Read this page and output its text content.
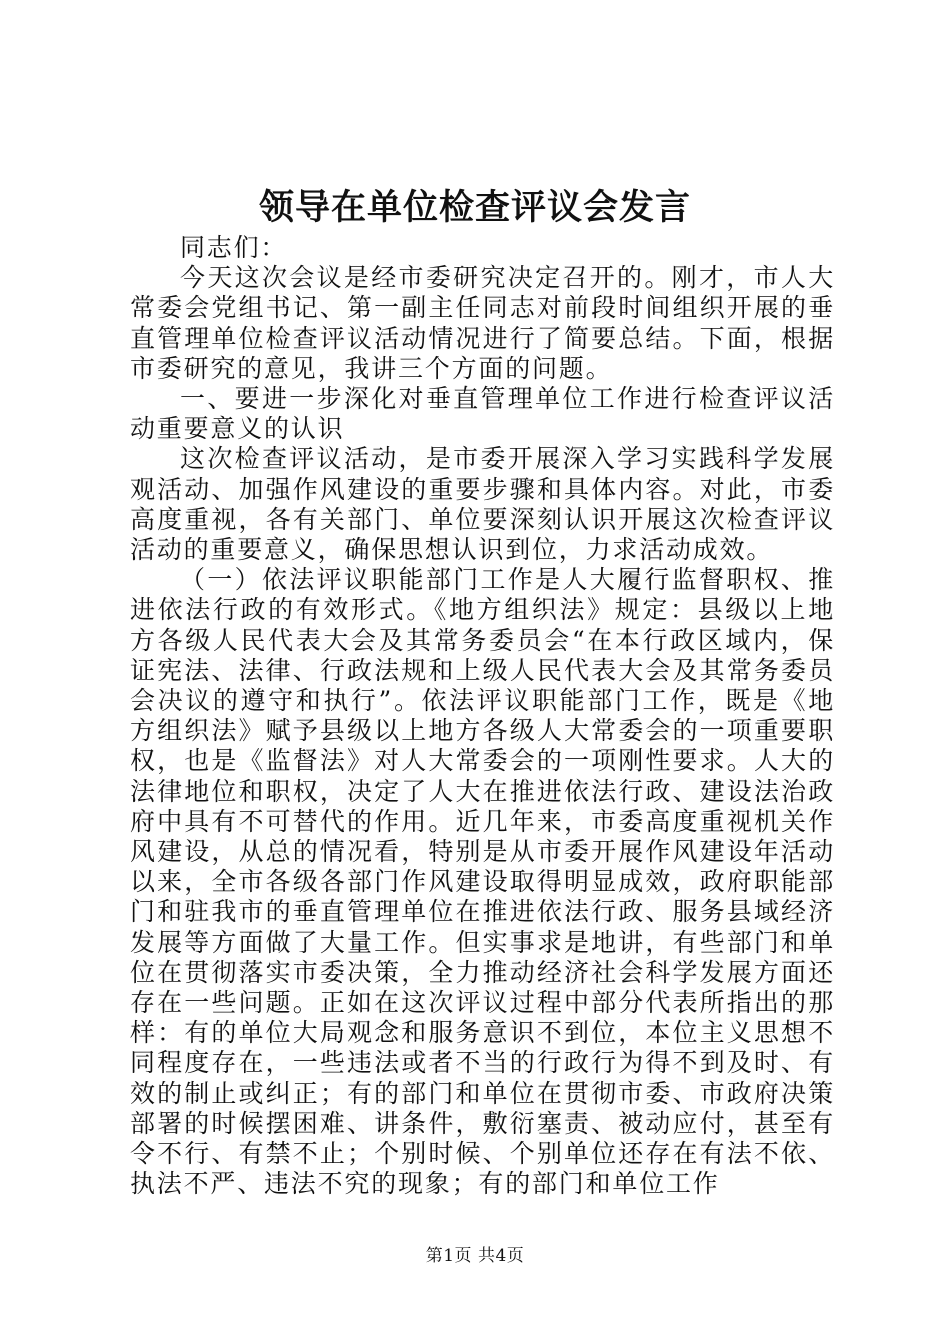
领导在单位检查评议会发言

同志们：

今天这次会议是经市委研究决定召开的。刚才，市人大常委会党组书记、第一副主任同志对前段时间组织开展的垂直管理单位检查评议活动情况进行了简要总结。下面，根据市委研究的意见，我讲三个方面的问题。

一、要进一步深化对垂直管理单位工作进行检查评议活动重要意义的认识

这次检查评议活动，是市委开展深入学习实践科学发展观活动、加强作风建设的重要步骤和具体内容。对此，市委高度重视，各有关部门、单位要深刻认识开展这次检查评议活动的重要意义，确保思想认识到位，力求活动成效。

（一）依法评议职能部门工作是人大履行监督职权、推进依法行政的有效形式。《地方组织法》规定：县级以上地方各级人民代表大会及其常务委员会“在本行政区域内，保证宪法、法律、行政法规和上级人民代表大会及其常务委员会决议的遵守和执行”。依法评议职能部门工作，既是《地方组织法》赋予县级以上地方各级人大常委会的一项重要职权，也是《监督法》对人大常委会的一项刚性要求。人大的法律地位和职权，决定了人大在推进依法行政、建设法治政府中具有不可替代的作用。近几年来，市委高度重视机关作风建设，从总的情况看，特别是从市委开展作风建设年活动以来，全市各级各部门作风建设取得明显成效，政府职能部门和驻我市的垂直管理单位在推进依法行政、服务县域经济发展等方面做了大量工作。但实事求是地讲，有些部门和单位在贯彻落实市委决策，全力推动经济社会科学发展方面还存在一些问题。正如在这次评议过程中部分代表所指出的那样：有的单位大局观念和服务意识不到位，本位主义思想不同程度存在，一些违法或者不当的行政行为得不到及时、有效的制止或纠正；有的部门和单位在贯彻市委、市政府决策部署的时候摆困难、讲条件，敷衍塞责、被动应付，甚至有令不行、有禁不止；个别时候、个别单位还存在有法不依、执法不严、违法不究的现象；有的部门和单位工作

第1页 共4页
